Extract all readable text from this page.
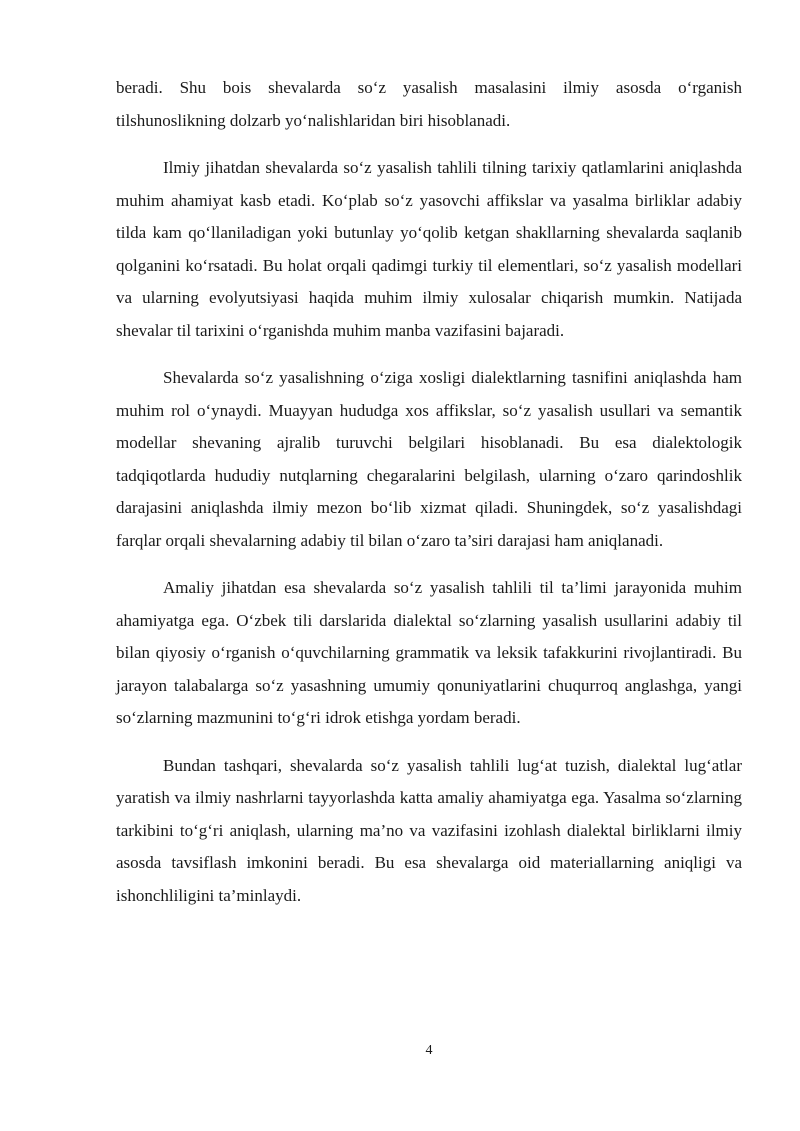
beradi. Shu bois shevalarda so‘z yasalish masalasini ilmiy asosda o‘rganish tilshunoslikning dolzarb yo‘nalishlaridan biri hisoblanadi.

Ilmiy jihatdan shevalarda so‘z yasalish tahlili tilning tarixiy qatlamlarini aniqlashda muhim ahamiyat kasb etadi. Ko‘plab so‘z yasovchi affikslar va yasalma birliklar adabiy tilda kam qo‘llaniladigan yoki butunlay yo‘qolib ketgan shakllarning shevalarda saqlanib qolganini ko‘rsatadi. Bu holat orqali qadimgi turkiy til elementlari, so‘z yasalish modellari va ularning evolyutsiyasi haqida muhim ilmiy xulosalar chiqarish mumkin. Natijada shevalar til tarixini o‘rganishda muhim manba vazifasini bajaradi.

Shevalarda so‘z yasalishning o‘ziga xosligi dialektlarning tasnifini aniqlashda ham muhim rol o‘ynaydi. Muayyan hududga xos affikslar, so‘z yasalish usullari va semantik modellar shevaning ajralib turuvchi belgilari hisoblanadi. Bu esa dialektologik tadqiqotlarda hududiy nutqlarning chegaralarini belgilash, ularning o‘zaro qarindoshlik darajasini aniqlashda ilmiy mezon bo‘lib xizmat qiladi. Shuningdek, so‘z yasalishdagi farqlar orqali shevalarning adabiy til bilan o‘zaro ta’siri darajasi ham aniqlanadi.

Amaliy jihatdan esa shevalarda so‘z yasalish tahlili til ta’limi jarayonida muhim ahamiyatga ega. O‘zbek tili darslarida dialektal so‘zlarning yasalish usullarini adabiy til bilan qiyosiy o‘rganish o‘quvchilarning grammatik va leksik tafakkurini rivojlantiradi. Bu jarayon talabalarga so‘z yasashning umumiy qonuniyatlarini chuqurroq anglashga, yangi so‘zlarning mazmunini to‘g‘ri idrok etishga yordam beradi.

Bundan tashqari, shevalarda so‘z yasalish tahlili lug‘at tuzish, dialektal lug‘atlar yaratish va ilmiy nashrlarni tayyorlashda katta amaliy ahamiyatga ega. Yasalma so‘zlarning tarkibini to‘g‘ri aniqlash, ularning ma’no va vazifasini izohlash dialektal birliklarni ilmiy asosda tavsiflash imkonini beradi. Bu esa shevalarga oid materiallarning aniqligi va ishonchliligini ta’minlaydi.

4
